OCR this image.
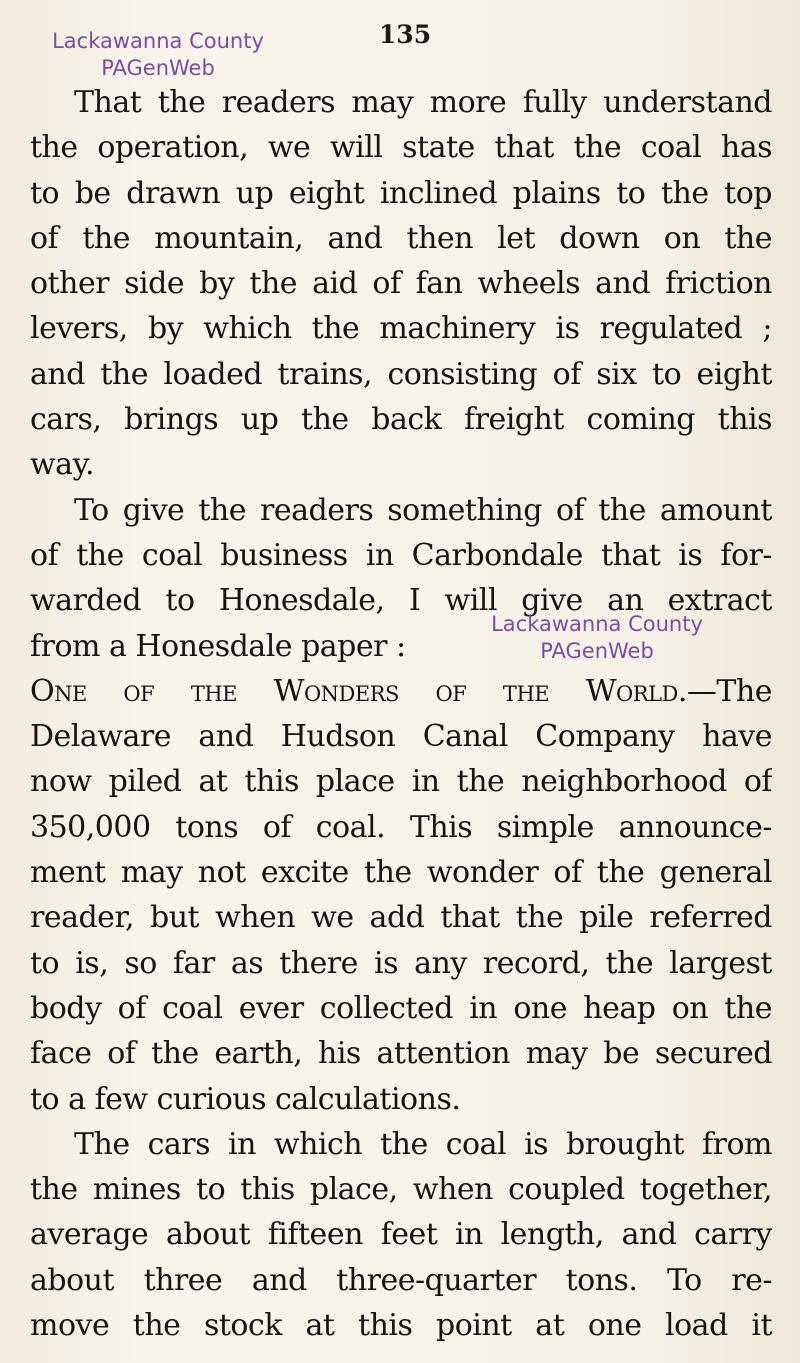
135
Lackawanna County
PAGenWeb
That the readers may more fully understand
the operation, we will state that the coal has
to be drawn up eight inclined plains to the top
of the mountain, and then let down on the
other side by the aid of fan wheels and friction
levers, by which the machinery is regulated ;
and the loaded trains, consisting of six to eight
cars, brings up the back freight coming this
way.
To give the readers something of the amount
of the coal business in Carbondale that is for-
warded to Honesdale, I will give an extract
from a Honesdale paper :
One of the Wonders of the World.—The
Delaware and Hudson Canal Company have
now piled at this place in the neighborhood of
350,000 tons of coal. This simple announce-
ment may not excite the wonder of the general
reader, but when we add that the pile referred
to is, so far as there is any record, the largest
body of coal ever collected in one heap on the
face of the earth, his attention may be secured
to a few curious calculations.
The cars in which the coal is brought from
the mines to this place, when coupled together,
average about fifteen feet in length, and carry
about three and three-quarter tons. To re-
move the stock at this point at one load it
Lackawanna County
PAGenWeb
